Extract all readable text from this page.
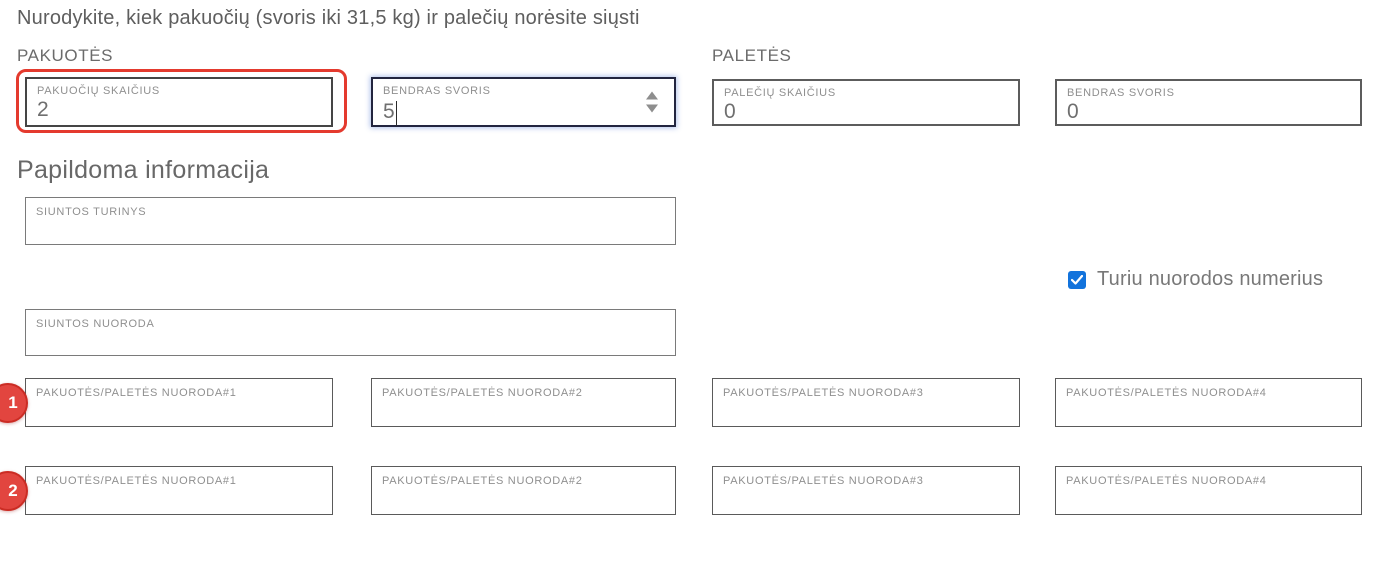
Nurodykite, kiek pakuočių (svoris iki 31,5 kg) ir palečių norėsite siųsti
PAKUOTĖS	PALETĖS
PAKUOČIŲ SKAIČIUS
2
BENDRAS SVORIS
5
PALEČIŲ SKAIČIUS
0
BENDRAS SVORIS
0
Papildoma informacija
SIUNTOS TURINYS
Turiu nuorodos numerius
SIUNTOS NUORODA
1	PAKUOTĖS/PALETĖS NUORODA#1	PAKUOTĖS/PALETĖS NUORODA#2	PAKUOTĖS/PALETĖS NUORODA#3	PAKUOTĖS/PALETĖS NUORODA#4
2	PAKUOTĖS/PALETĖS NUORODA#1	PAKUOTĖS/PALETĖS NUORODA#2	PAKUOTĖS/PALETĖS NUORODA#3	PAKUOTĖS/PALETĖS NUORODA#4
